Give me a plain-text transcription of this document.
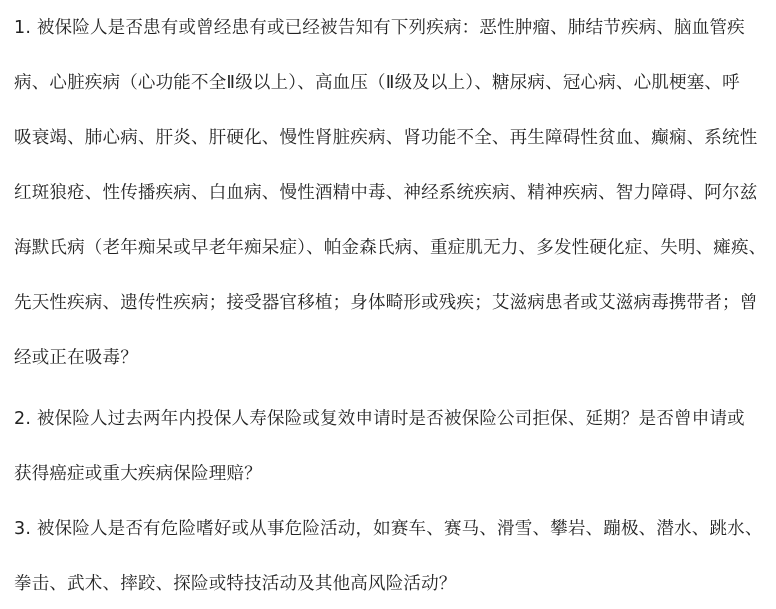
1. 被保险人是否患有或曾经患有或已经被告知有下列疾病：恶性肿瘤、肺结节疾病、脑血管疾
病、心脏疾病（心功能不全Ⅱ级以上）、高血压（Ⅱ级及以上）、糖尿病、冠心病、心肌梗塞、呼
吸衰竭、肺心病、肝炎、肝硬化、慢性肾脏疾病、肾功能不全、再生障碍性贫血、癫痫、系统性
红斑狼疮、性传播疾病、白血病、慢性酒精中毒、神经系统疾病、精神疾病、智力障碍、阿尔兹
海默氏病（老年痴呆或早老年痴呆症）、帕金森氏病、重症肌无力、多发性硬化症、失明、瘫痪、
先天性疾病、遗传性疾病；接受器官移植；身体畸形或残疾；艾滋病患者或艾滋病毒携带者；曾
经或正在吸毒？
2. 被保险人过去两年内投保人寿保险或复效申请时是否被保险公司拒保、延期？是否曾申请或
获得癌症或重大疾病保险理赔？
3. 被保险人是否有危险嗜好或从事危险活动，如赛车、赛马、滑雪、攀岩、蹦极、潜水、跳水、
拳击、武术、摔跤、探险或特技活动及其他高风险活动？
